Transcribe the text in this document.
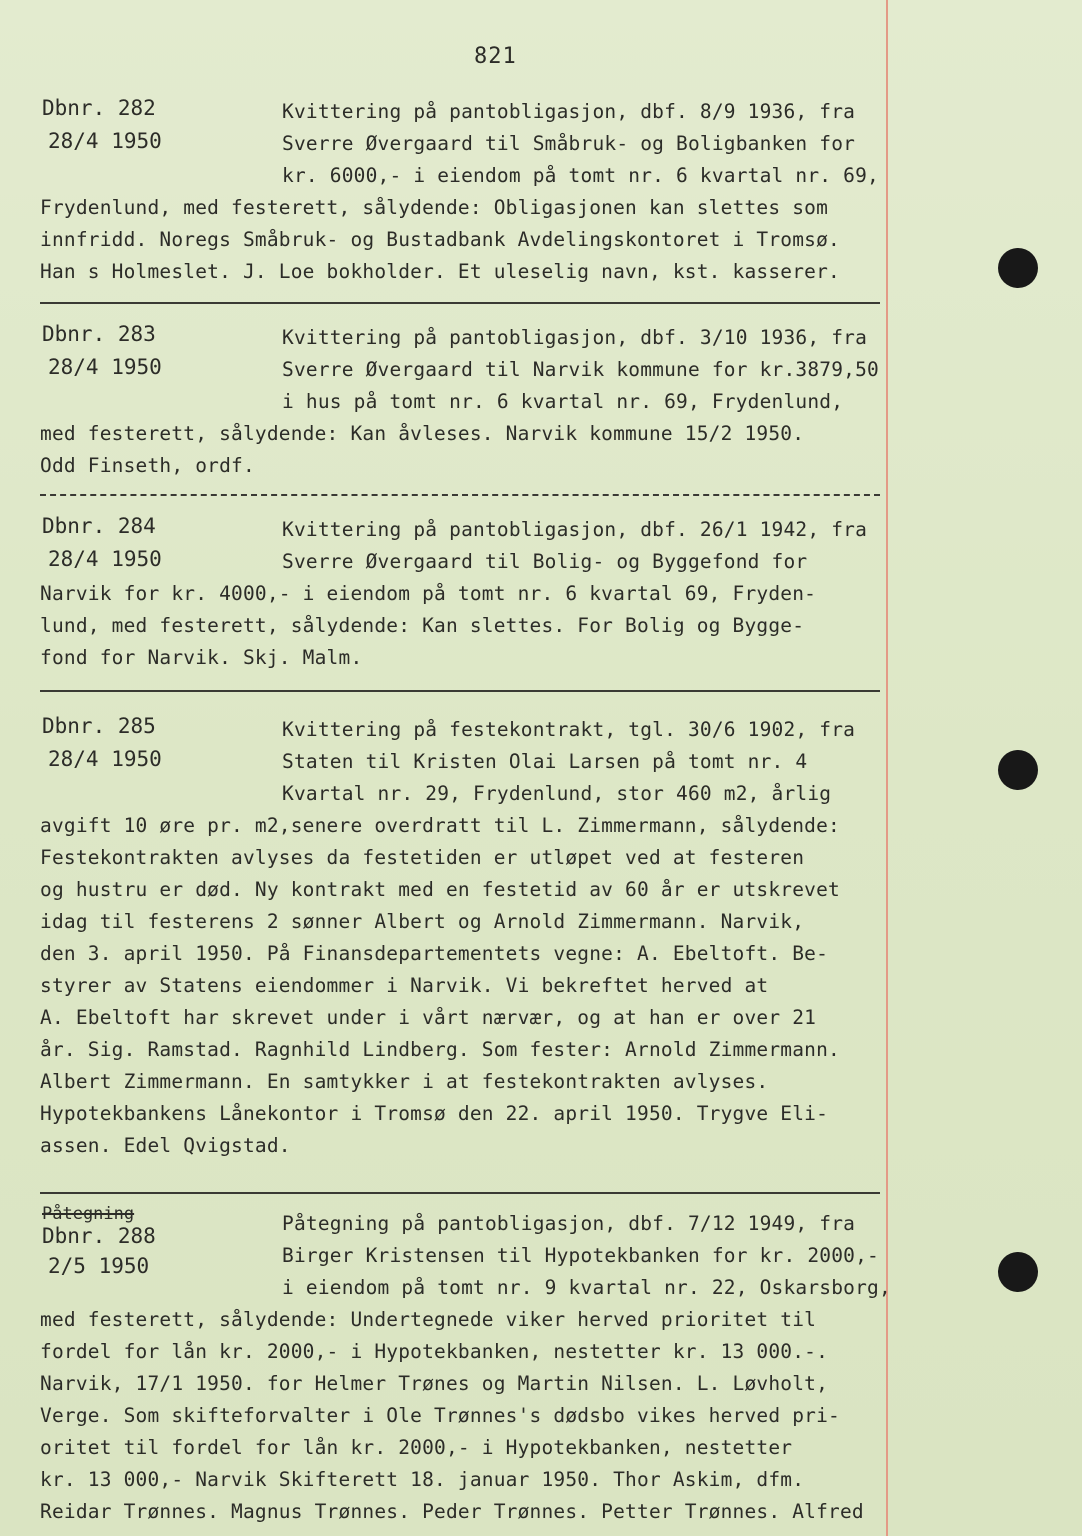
821
Dbnr. 282
28/4 1950
Kvittering på pantobligasjon, dbf. 8/9 1936, fra
Sverre Øvergaard til Småbruk- og Boligbanken for
kr. 6000,- i eiendom på tomt nr. 6 kvartal nr. 69,
Frydenlund, med festerett, sålydende: Obligasjonen kan slettes som
innfridd. Noregs Småbruk- og Bustadbank Avdelingskontoret i Tromsø.
Han s Holmeslet. J. Loe bokholder. Et uleselig navn, kst. kasserer.
Dbnr. 283
28/4 1950
Kvittering på pantobligasjon, dbf. 3/10 1936, fra
Sverre Øvergaard til Narvik kommune for kr.3879,50
i hus på tomt nr. 6 kvartal nr. 69, Frydenlund,
med festerett, sålydende: Kan åvleses. Narvik kommune 15/2 1950.
Odd Finseth, ordf.
Dbnr. 284
28/4 1950
Kvittering på pantobligasjon, dbf. 26/1 1942, fra
Sverre Øvergaard til Bolig- og Byggefond for
Narvik for kr. 4000,- i eiendom på tomt nr. 6 kvartal 69, Fryden-
lund, med festerett, sålydende: Kan slettes. For Bolig og Bygge-
fond for Narvik. Skj. Malm.
Dbnr. 285
28/4 1950
Kvittering på festekontrakt, tgl. 30/6 1902, fra
Staten til Kristen Olai Larsen på tomt nr. 4
Kvartal nr. 29, Frydenlund, stor 460 m2, årlig
avgift 10 øre pr. m2,senere overdratt til L. Zimmermann, sålydende:
Festekontrakten avlyses da festetiden er utløpet ved at festeren
og hustru er død. Ny kontrakt med en festetid av 60 år er utskrevet
idag til festerens 2 sønner Albert og Arnold Zimmermann. Narvik,
den 3. april 1950. På Finansdepartementets vegne: A. Ebeltoft. Be-
styrer av Statens eiendommer i Narvik. Vi bekreftet herved at
A. Ebeltoft har skrevet under i vårt nærvær, og at han er over 21
år. Sig. Ramstad. Ragnhild Lindberg. Som fester: Arnold Zimmermann.
Albert Zimmermann. En samtykker i at festekontrakten avlyses.
Hypotekbankens Lånekontor i Tromsø den 22. april 1950. Trygve Eli-
assen. Edel Qvigstad.
Påtegning
Dbnr. 288
2/5 1950
Påtegning på pantobligasjon, dbf. 7/12 1949, fra
Birger Kristensen til Hypotekbanken for kr. 2000,-
i eiendom på tomt nr. 9 kvartal nr. 22, Oskarsborg,
med festerett, sålydende: Undertegnede viker herved prioritet til
fordel for lån kr. 2000,- i Hypotekbanken, nestetter kr. 13 000.-.
Narvik, 17/1 1950. for Helmer Trønes og Martin Nilsen. L. Løvholt,
Verge. Som skifteforvalter i Ole Trønnes's dødsbo vikes herved pri-
oritet til fordel for lån kr. 2000,- i Hypotekbanken, nestetter
kr. 13 000,- Narvik Skifterett 18. januar 1950. Thor Askim, dfm.
Reidar Trønnes. Magnus Trønnes. Peder Trønnes. Petter Trønnes. Alfred
